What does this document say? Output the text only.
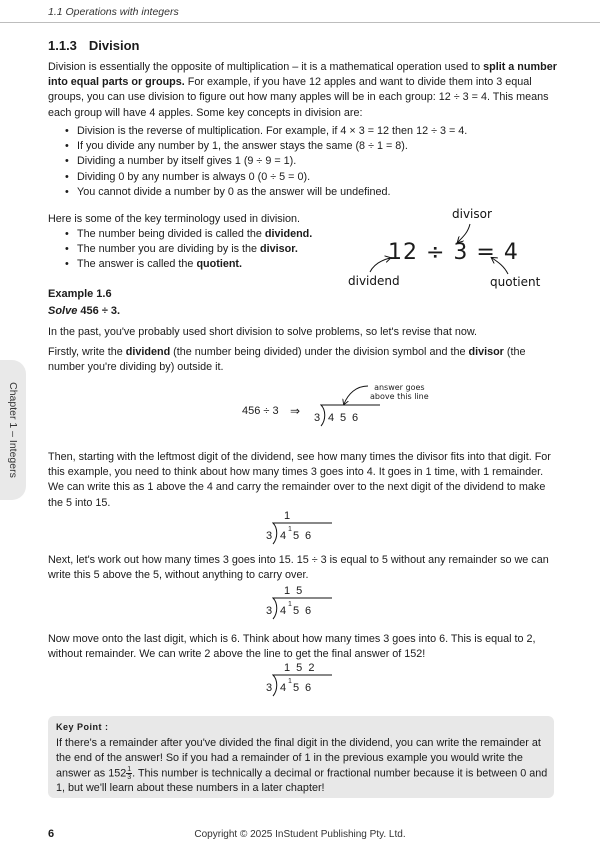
1.1 Operations with integers
1.1.3 Division

Division is essentially the opposite of multiplication – it is a mathematical operation used to split a number into equal parts or groups. For example, if you have 12 apples and want to divide them into 3 equal groups, you can use division to figure out how many apples will be in each group: 12 ÷ 3 = 4. This means each group will have 4 apples. Some key concepts in division are:

• Division is the reverse of multiplication. For example, if 4 × 3 = 12 then 12 ÷ 3 = 4.
• If you divide any number by 1, the answer stays the same (8 ÷ 1 = 8).
• Dividing a number by itself gives 1 (9 ÷ 9 = 1).
• Dividing 0 by any number is always 0 (0 ÷ 5 = 0).
• You cannot divide a number by 0 as the answer will be undefined.

Here is some of the key terminology used in division.

• The number being divided is called the dividend.
• The number you are dividing by is the divisor.
• The answer is called the quotient.
divisor
12 ÷ 3 = 4
dividend	quotient
Example 1.6
Solve 456 ÷ 3.

In the past, you've probably used short division to solve problems, so let's revise that now.

Firstly, write the dividend (the number being divided) under the division symbol and the divisor (the number you're dividing by) outside it.

456 ÷ 3 ⇒
answer goes
above this line
3 4 5 6

Then, starting with the leftmost digit of the dividend, see how many times the divisor fits into that digit. For this example, you need to think about how many times 3 goes into 4. It goes in 1 time, with 1 remainder. We can write this as 1 above the 4 and carry the remainder over to the next digit of the dividend to make the 5 into 15.

1
3 4
1
5 6

Next, let's work out how many times 3 goes into 15. 15 ÷ 3 is equal to 5 without any remainder so we can write this 5 above the 5, without anything to carry over.

1 5
3 4
1
5 6

Now move onto the last digit, which is 6. Think about how many times 3 goes into 6. This is equal to 2, without remainder. We can write 2 above the line to get the final answer of 152!

1 5 2
3 4
1
5 6
Chapter 1 – Integers
Key Point :

If there's a remainder after you've divided the final digit in the dividend, you can write the remainder at the end of the answer! So if you had a remainder of 1 in the previous example you would write the answer as $152 \frac{1}{3}$ . This number is technically a decimal or fractional number because it is between 0 and 1, but we'll learn about these numbers in a later chapter!

Copyright © 2025 InStudent Publishing Pty. Ltd.
6
